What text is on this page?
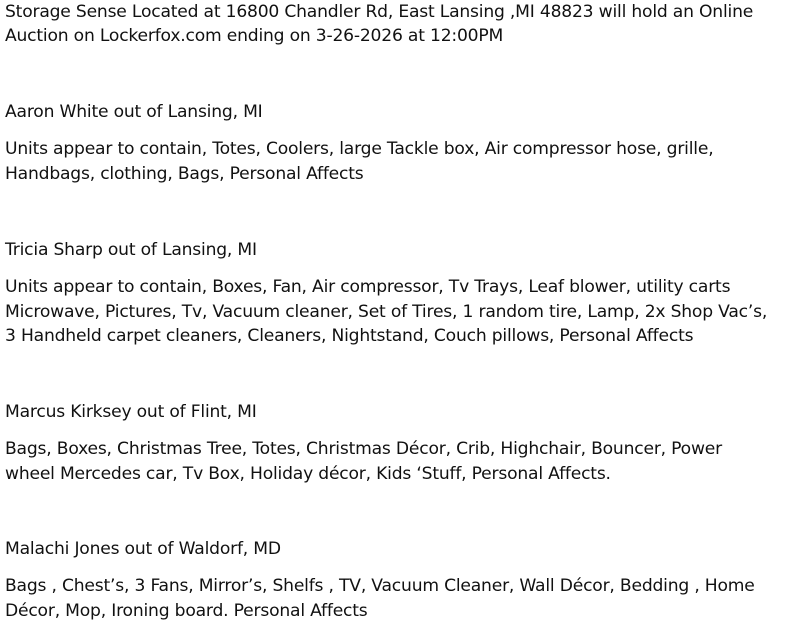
Storage Sense Located at 16800 Chandler Rd, East Lansing ,MI 48823 will hold an Online
Auction on Lockerfox.com ending on 3-26-2026 at 12:00PM
Aaron White out of Lansing, MI
Units appear to contain, Totes, Coolers, large Tackle box, Air compressor hose, grille,
Handbags, clothing, Bags, Personal Affects
Tricia Sharp out of Lansing, MI
Units appear to contain, Boxes, Fan, Air compressor, Tv Trays, Leaf blower, utility carts
Microwave, Pictures, Tv, Vacuum cleaner, Set of Tires, 1 random tire, Lamp, 2x Shop Vac’s,
3 Handheld carpet cleaners, Cleaners, Nightstand, Couch pillows, Personal Affects
Marcus Kirksey out of Flint, MI
Bags, Boxes, Christmas Tree, Totes, Christmas Décor, Crib, Highchair, Bouncer, Power
wheel Mercedes car, Tv Box, Holiday décor, Kids ‘Stuff, Personal Affects.
Malachi Jones out of Waldorf, MD
Bags , Chest’s, 3 Fans, Mirror’s, Shelfs , TV, Vacuum Cleaner, Wall Décor, Bedding , Home
Décor, Mop, Ironing board. Personal Affects
